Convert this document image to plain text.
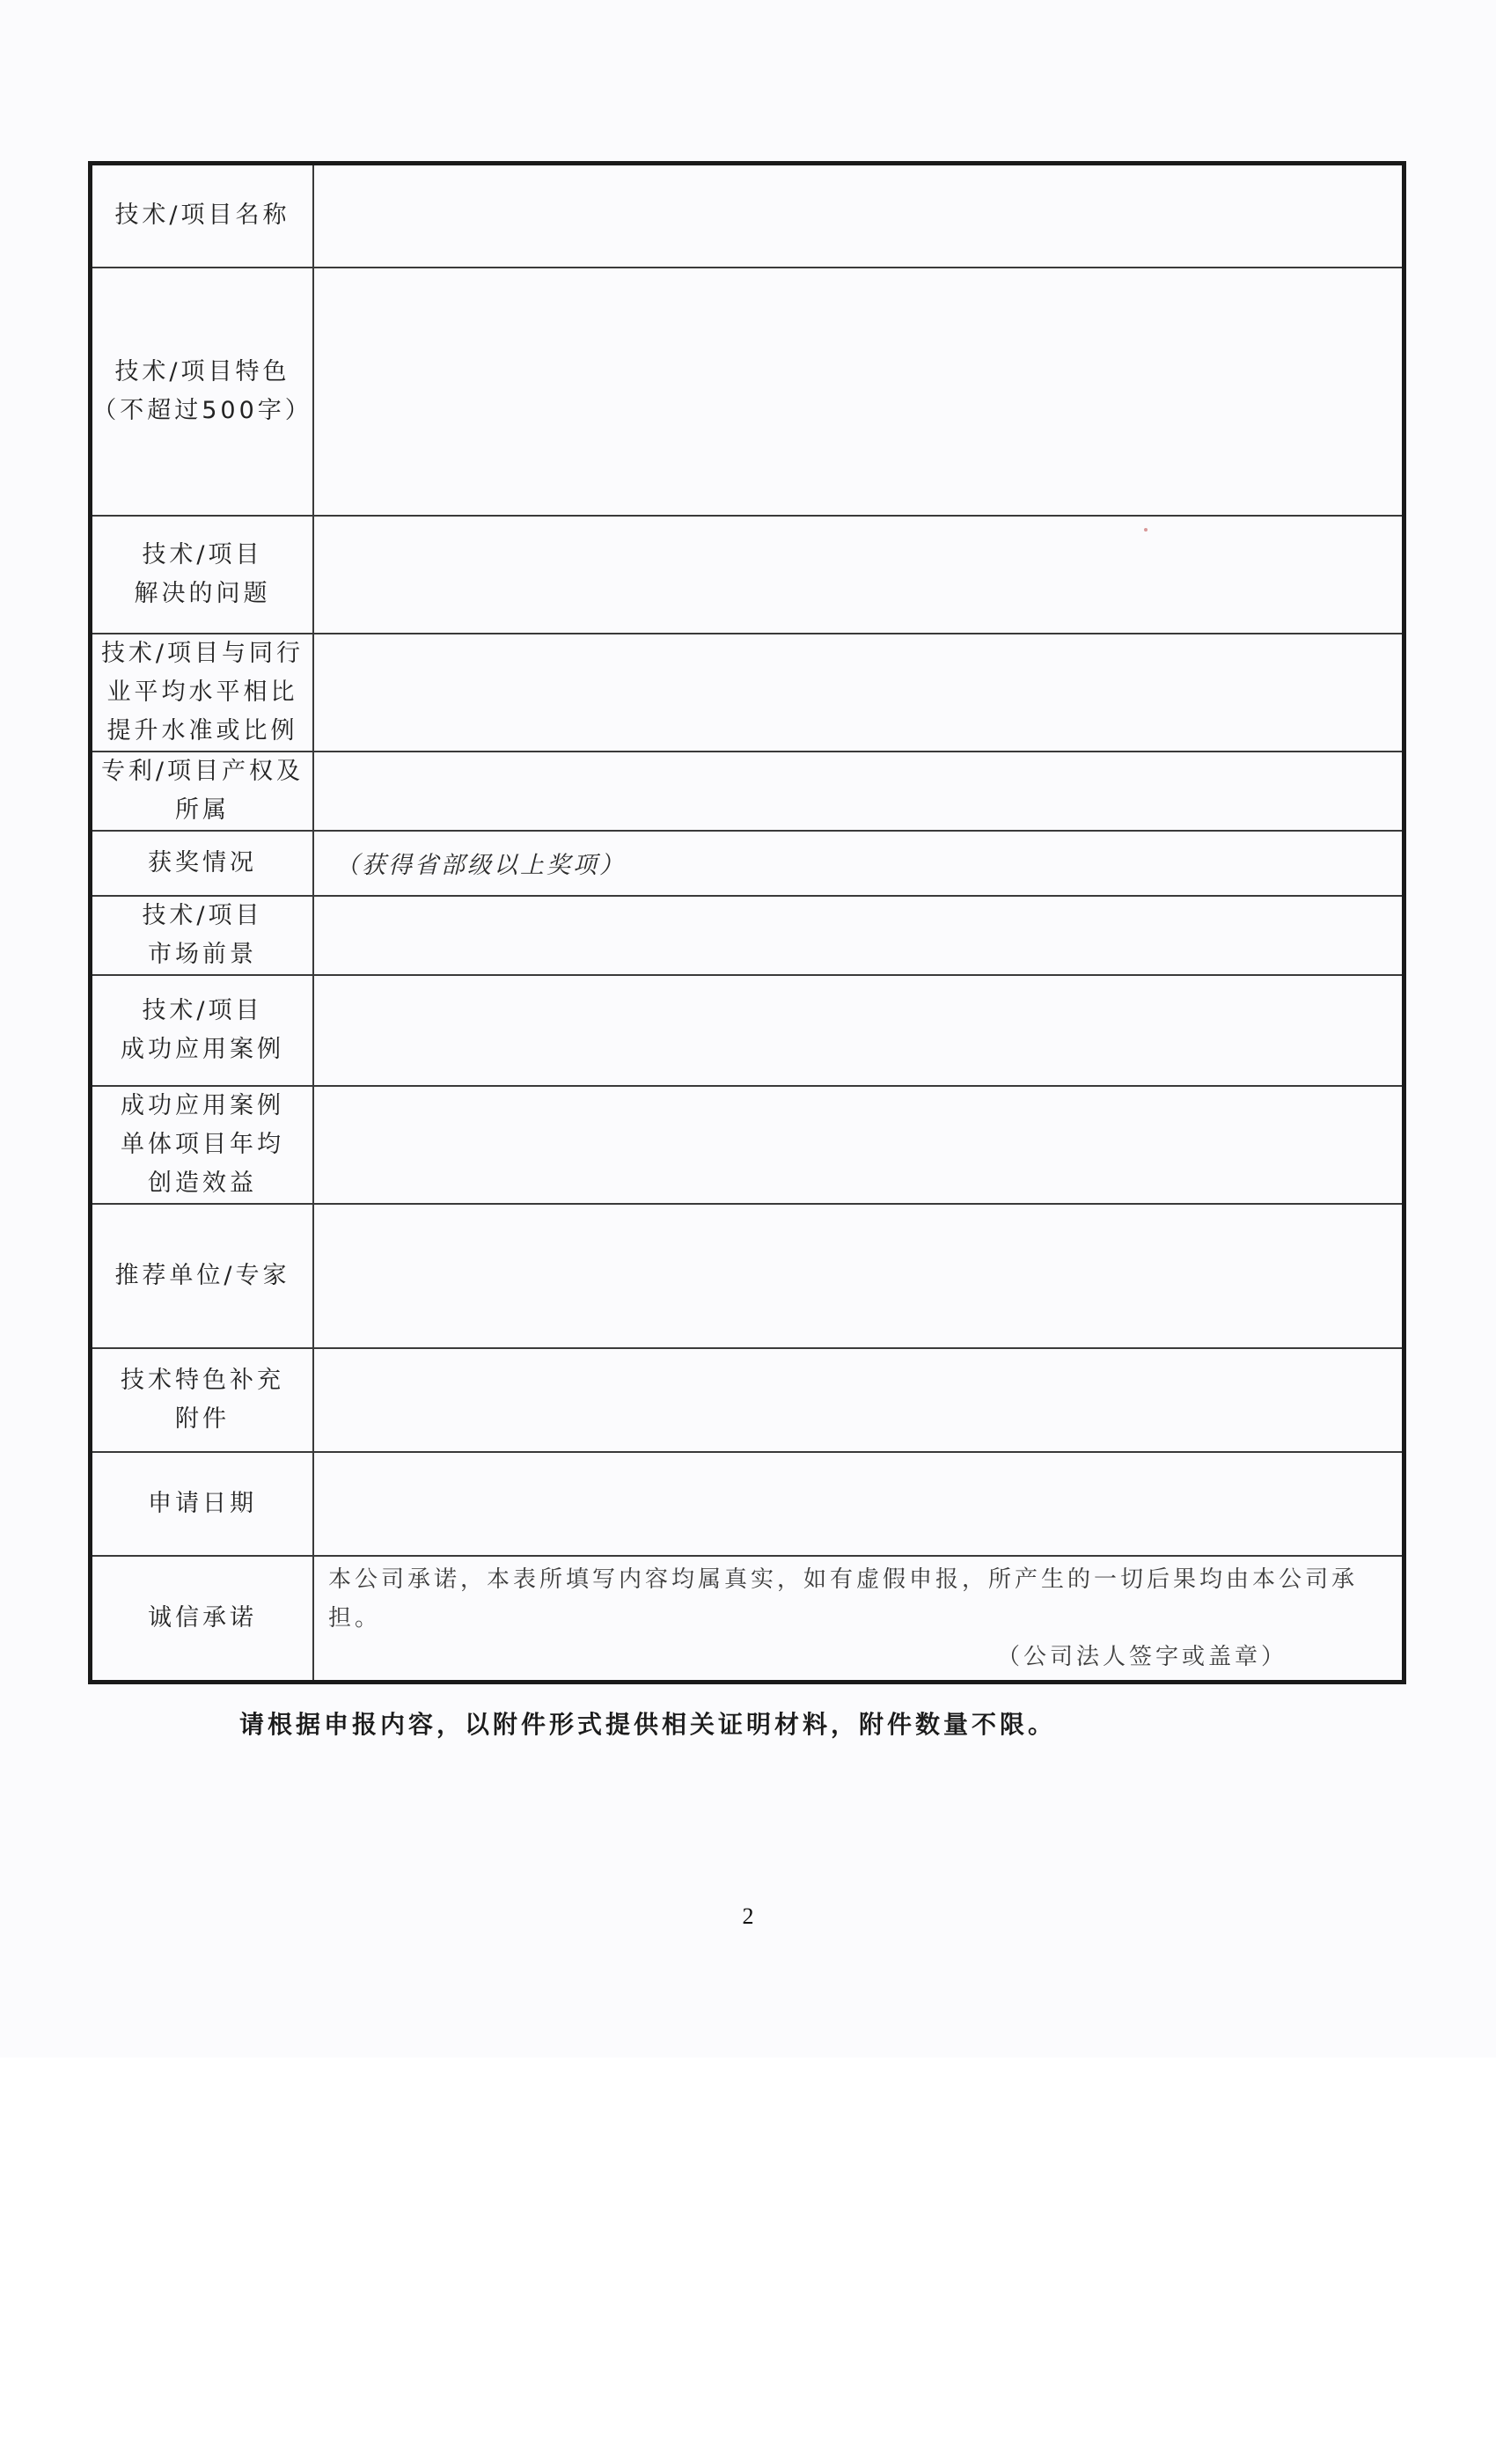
技术/项目名称	

技术/项目特色
（不超过500字）	

技术/项目
解决的问题	

技术/项目与同行
业平均水平相比
提升水准或比例	

专利/项目产权及
所属	

获奖情况	（获得省部级以上奖项）

技术/项目
市场前景	

技术/项目
成功应用案例	

成功应用案例
单体项目年均
创造效益	

推荐单位/专家	

技术特色补充
附件	

申请日期	

诚信承诺	本公司承诺，本表所填写内容均属真实，如有虚假申报，所产生的一切后果均由本公司承担。
（公司法人签字或盖章）
请根据申报内容，以附件形式提供相关证明材料，附件数量不限。
2
